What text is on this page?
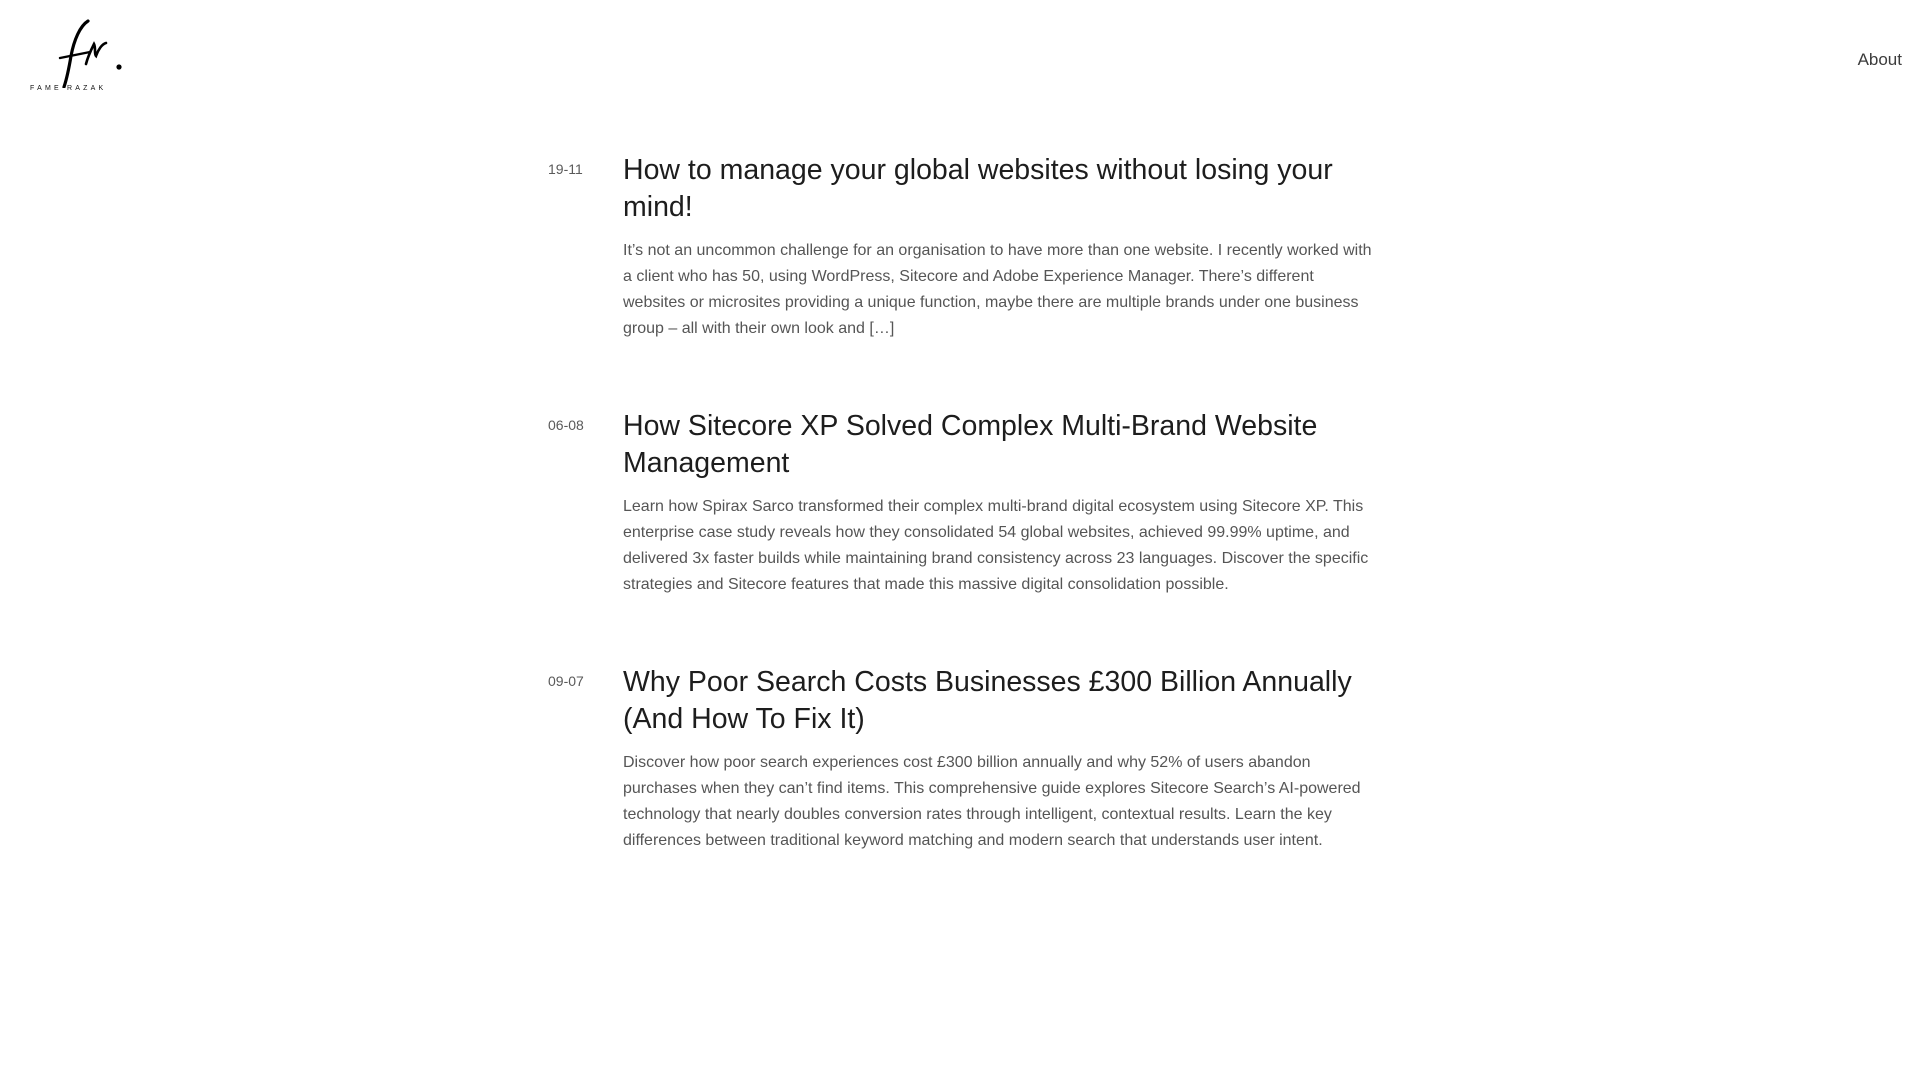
FAME RAZAK
About
19-11 How to manage your global websites without losing your mind!

It’s not an uncommon challenge for an organisation to have more than one website. I recently worked with a client who has 50, using WordPress, Sitecore and Adobe Experience Manager. There’s different websites or microsites providing a unique function, maybe there are multiple brands under one business group – all with their own look and […]

06-08 How Sitecore XP Solved Complex Multi-Brand Website Management

Learn how Spirax Sarco transformed their complex multi-brand digital ecosystem using Sitecore XP. This enterprise case study reveals how they consolidated 54 global websites, achieved 99.99% uptime, and delivered 3x faster builds while maintaining brand consistency across 23 languages. Discover the specific strategies and Sitecore features that made this massive digital consolidation possible.

09-07 Why Poor Search Costs Businesses £300 Billion Annually (And How To Fix It)

Discover how poor search experiences cost £300 billion annually and why 52% of users abandon purchases when they can’t find items. This comprehensive guide explores Sitecore Search’s AI-powered technology that nearly doubles conversion rates through intelligent, contextual results. Learn the key differences between traditional keyword matching and modern search that understands user intent.
